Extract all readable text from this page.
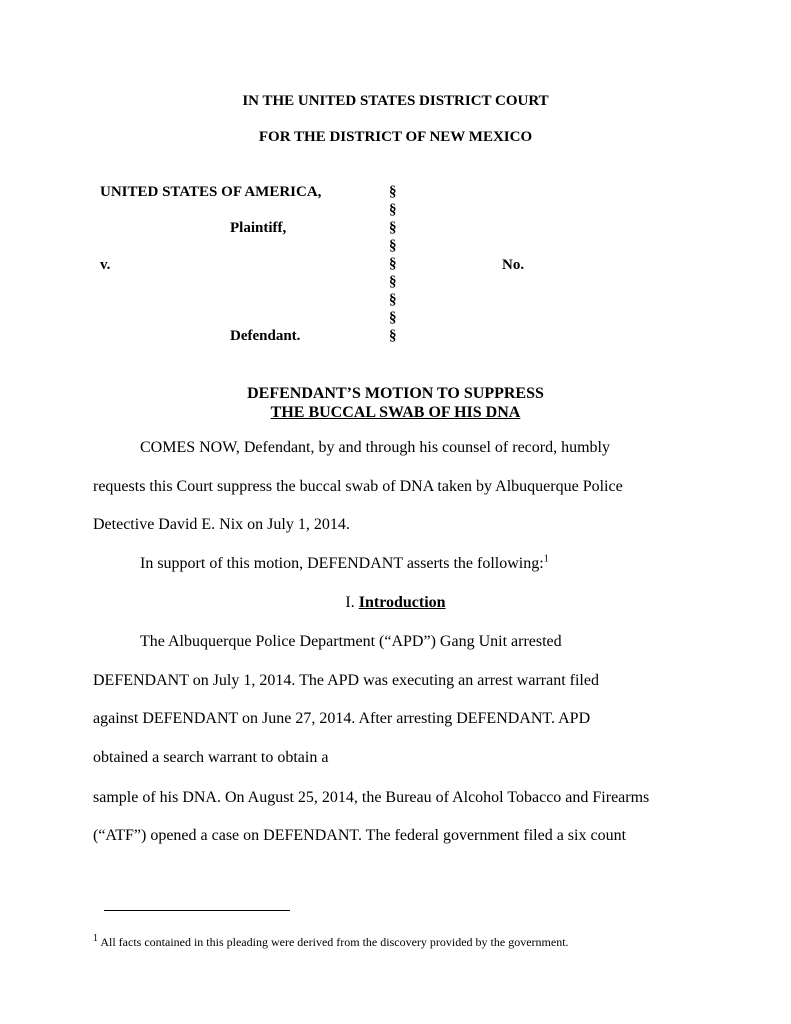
IN THE UNITED STATES DISTRICT COURT
FOR THE DISTRICT OF NEW MEXICO
UNITED STATES OF AMERICA,
Plaintiff,
v.
Defendant.
No.
§
§
§
§
§
§
§
§
§
DEFENDANT’S MOTION TO SUPPRESS
THE BUCCAL SWAB OF HIS DNA
COMES NOW, Defendant, by and through his counsel of record, humbly
requests this Court suppress the buccal swab of DNA taken by Albuquerque Police
Detective David E. Nix on July 1, 2014.
In support of this motion, DEFENDANT asserts the following:$^1$
I. Introduction
The Albuquerque Police Department (“APD”) Gang Unit arrested
DEFENDANT on July 1, 2014. The APD was executing an arrest warrant filed
against DEFENDANT on June 27, 2014. After arresting DEFENDANT. APD
obtained a search warrant to obtain a
sample of his DNA. On August 25, 2014, the Bureau of Alcohol Tobacco and Firearms
(“ATF”) opened a case on DEFENDANT. The federal government filed a six count
$^1$ All facts contained in this pleading were derived from the discovery provided by the government.
